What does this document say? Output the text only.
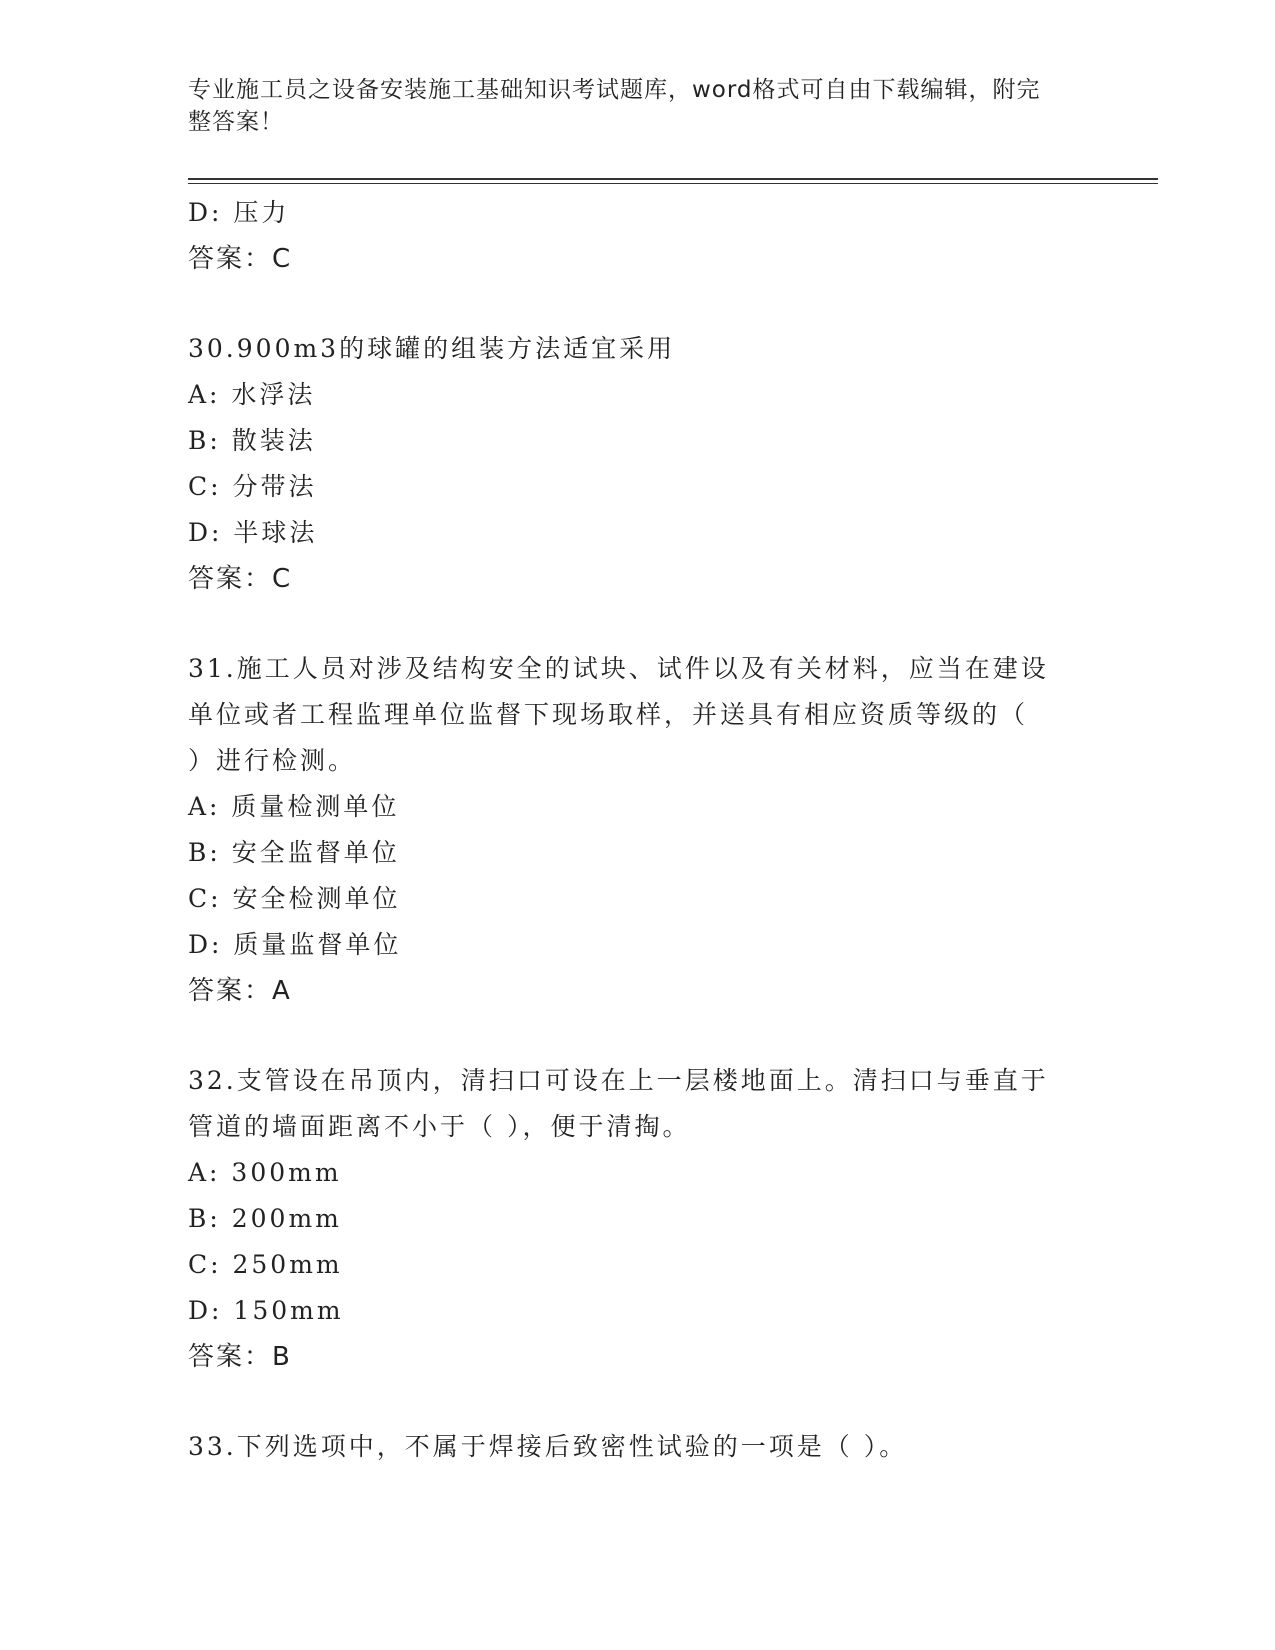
专业施工员之设备安装施工基础知识考试题库，word格式可自由下载编辑，附完
整答案！
D: 压力
答案：C
30.900m3的球罐的组装方法适宜采用
A: 水浮法
B: 散装法
C: 分带法
D: 半球法
答案：C
31.施工人员对涉及结构安全的试块、试件以及有关材料，应当在建设
单位或者工程监理单位监督下现场取样，并送具有相应资质等级的（
）进行检测。
A: 质量检测单位
B: 安全监督单位
C: 安全检测单位
D: 质量监督单位
答案：A
32.支管设在吊顶内，清扫口可设在上一层楼地面上。清扫口与垂直于
管道的墙面距离不小于（ ），便于清掏。
A: 300mm
B: 200mm
C: 250mm
D: 150mm
答案：B
33.下列选项中，不属于焊接后致密性试验的一项是（ ）。
